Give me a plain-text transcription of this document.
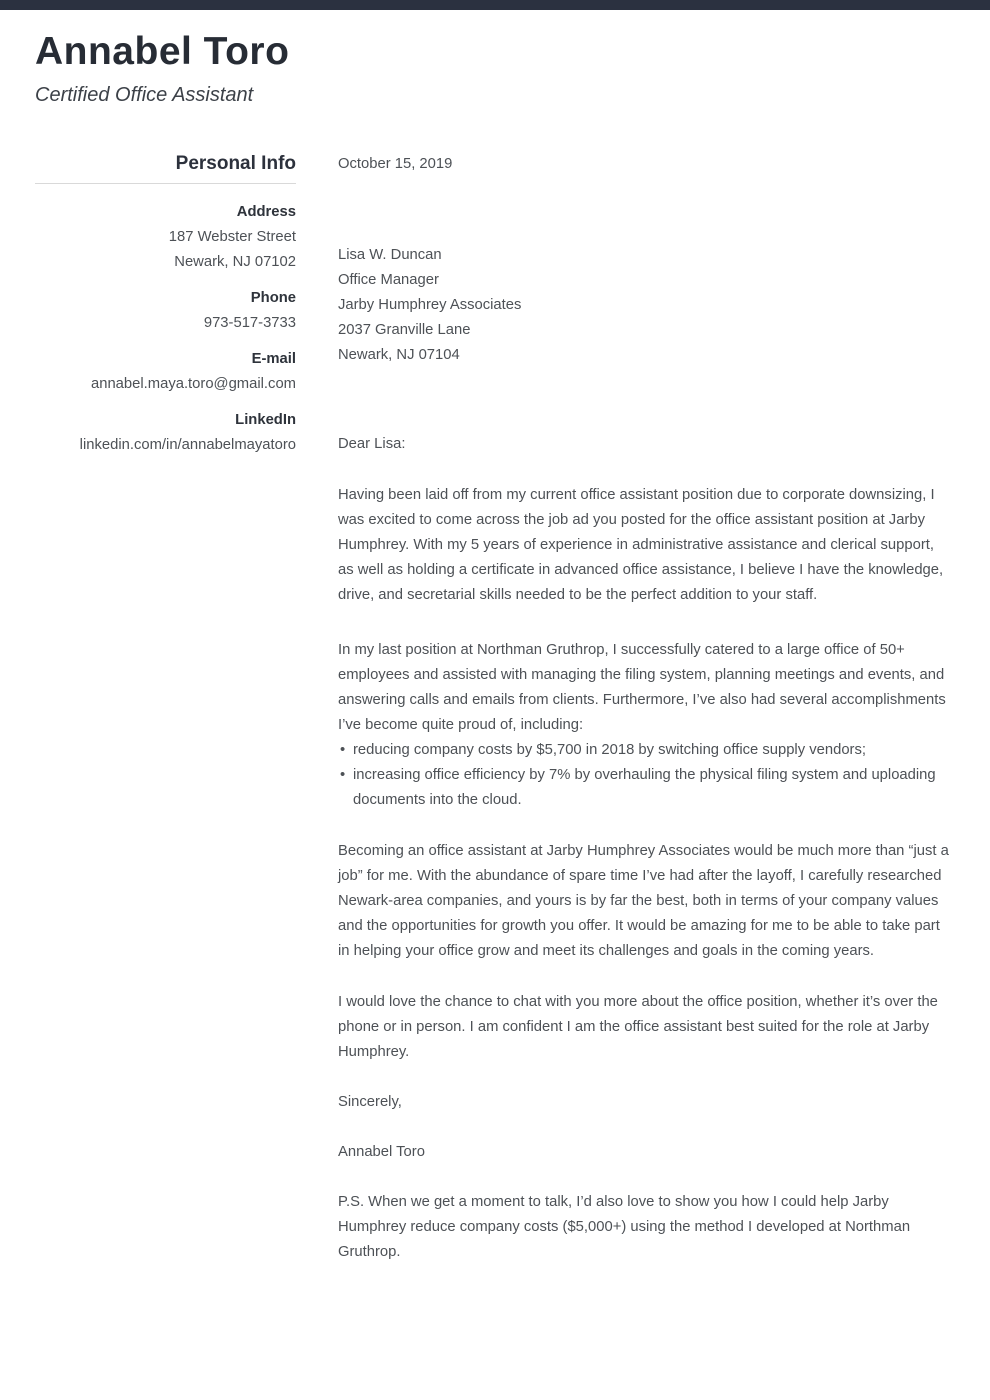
Annabel Toro
Certified Office Assistant
Personal Info
Address
187 Webster Street
Newark, NJ 07102
Phone
973-517-3733
E-mail
annabel.maya.toro@gmail.com
LinkedIn
linkedin.com/in/annabelmayatoro
October 15, 2019
Lisa W. Duncan
Office Manager
Jarby Humphrey Associates
2037 Granville Lane
Newark, NJ 07104
Dear Lisa:

Having been laid off from my current office assistant position due to corporate downsizing, I was excited to come across the job ad you posted for the office assistant position at Jarby Humphrey. With my 5 years of experience in administrative assistance and clerical support, as well as holding a certificate in advanced office assistance, I believe I have the knowledge, drive, and secretarial skills needed to be the perfect addition to your staff.

In my last position at Northman Gruthrop, I successfully catered to a large office of 50+ employees and assisted with managing the filing system, planning meetings and events, and answering calls and emails from clients. Furthermore, I’ve also had several accomplishments I’ve become quite proud of, including:

• reducing company costs by $5,700 in 2018 by switching office supply vendors;
• increasing office efficiency by 7% by overhauling the physical filing system and uploading documents into the cloud.

Becoming an office assistant at Jarby Humphrey Associates would be much more than “just a job” for me. With the abundance of spare time I’ve had after the layoff, I carefully researched Newark-area companies, and yours is by far the best, both in terms of your company values and the opportunities for growth you offer. It would be amazing for me to be able to take part in helping your office grow and meet its challenges and goals in the coming years.

I would love the chance to chat with you more about the office position, whether it’s over the phone or in person. I am confident I am the office assistant best suited for the role at Jarby Humphrey.

Sincerely,
Annabel Toro

P.S. When we get a moment to talk, I’d also love to show you how I could help Jarby Humphrey reduce company costs ($5,000+) using the method I developed at Northman Gruthrop.
